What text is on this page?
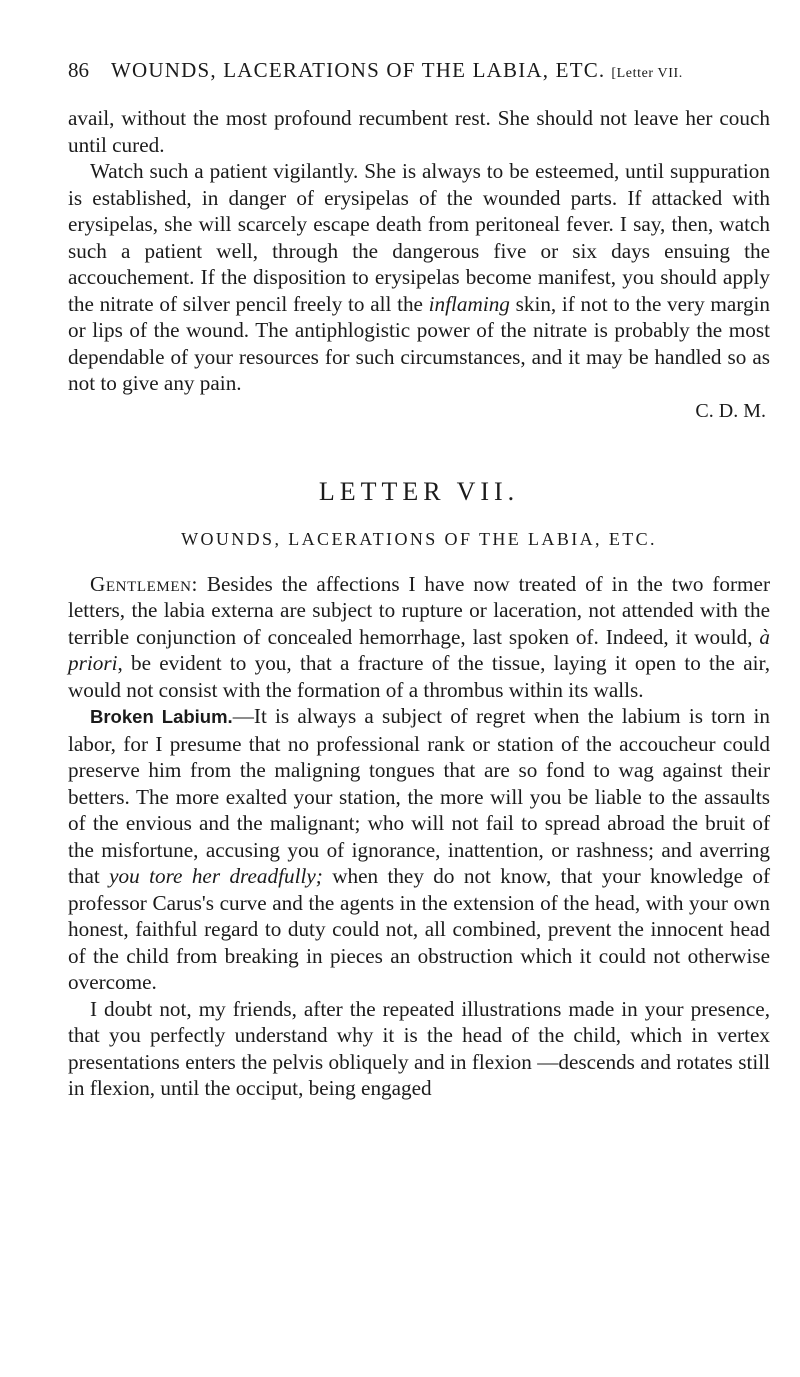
86 WOUNDS, LACERATIONS OF THE LABIA, ETC. [Letter VII.

avail, without the most profound recumbent rest. She should not leave her couch until cured.

Watch such a patient vigilantly. She is always to be esteemed, until suppuration is established, in danger of erysipelas of the wounded parts. If attacked with erysipelas, she will scarcely escape death from peritoneal fever. I say, then, watch such a patient well, through the dangerous five or six days ensuing the accouchement. If the disposition to erysipelas become manifest, you should apply the nitrate of silver pencil freely to all the inflaming skin, if not to the very margin or lips of the wound. The antiphlogistic power of the nitrate is probably the most dependable of your resources for such circumstances, and it may be handled so as not to give any pain.

C. D. M.

LETTER VII.
WOUNDS, LACERATIONS OF THE LABIA, ETC.

Gentlemen: Besides the affections I have now treated of in the two former letters, the labia externa are subject to rupture or laceration, not attended with the terrible conjunction of concealed hemorrhage, last spoken of. Indeed, it would, à priori, be evident to you, that a fracture of the tissue, laying it open to the air, would not consist with the formation of a thrombus within its walls.

Broken Labium.—It is always a subject of regret when the labium is torn in labor, for I presume that no professional rank or station of the accoucheur could preserve him from the maligning tongues that are so fond to wag against their betters. The more exalted your station, the more will you be liable to the assaults of the envious and the malignant; who will not fail to spread abroad the bruit of the misfortune, accusing you of ignorance, inattention, or rashness; and averring that you tore her dreadfully; when they do not know, that your knowledge of professor Carus's curve and the agents in the extension of the head, with your own honest, faithful regard to duty could not, all combined, prevent the innocent head of the child from breaking in pieces an obstruction which it could not otherwise overcome.

I doubt not, my friends, after the repeated illustrations made in your presence, that you perfectly understand why it is the head of the child, which in vertex presentations enters the pelvis obliquely and in flexion —descends and rotates still in flexion, until the occiput, being engaged
